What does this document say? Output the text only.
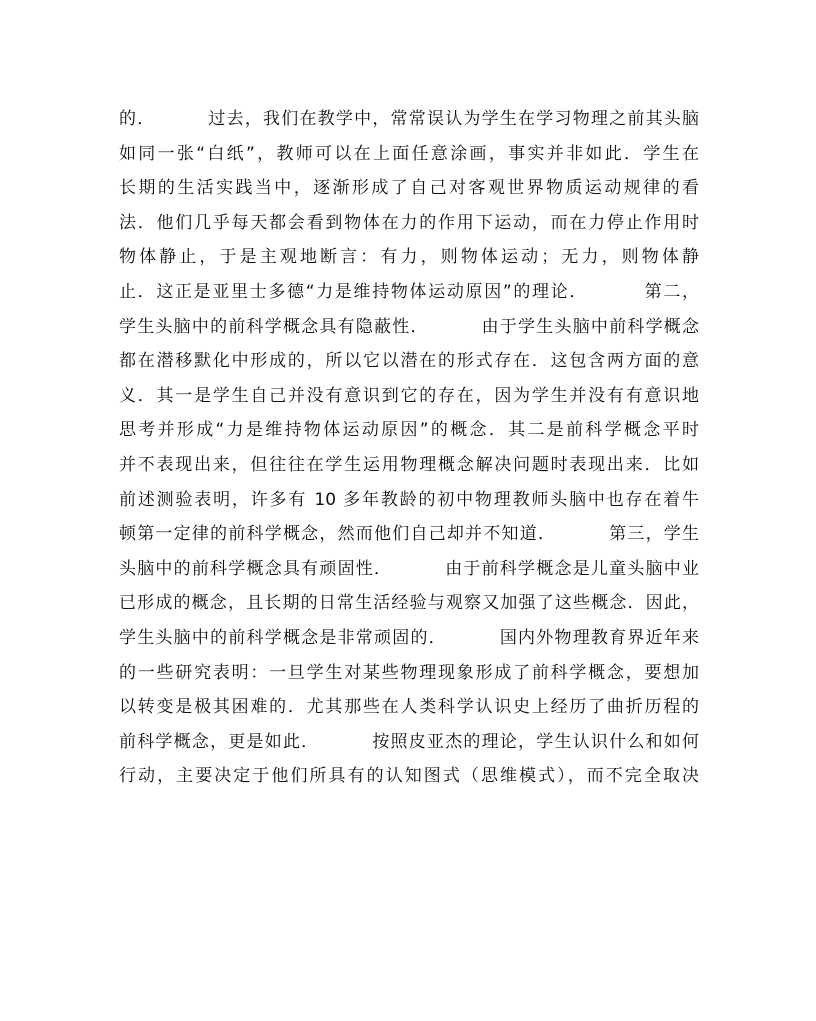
的．        过去，我们在教学中，常常误认为学生在学习物理之前其头脑
如同一张“白纸”，教师可以在上面任意涂画，事实并非如此．学生在
长期的生活实践当中，逐渐形成了自己对客观世界物质运动规律的看
法．他们几乎每天都会看到物体在力的作用下运动，而在力停止作用时
物体静止，于是主观地断言：有力，则物体运动；无力，则物体静
止．这正是亚里士多德“力是维持物体运动原因”的理论．        第二，
学生头脑中的前科学概念具有隐蔽性．        由于学生头脑中前科学概念
都在潜移默化中形成的，所以它以潜在的形式存在．这包含两方面的意
义．其一是学生自己并没有意识到它的存在，因为学生并没有有意识地
思考并形成“力是维持物体运动原因”的概念．其二是前科学概念平时
并不表现出来，但往往在学生运用物理概念解决问题时表现出来．比如
前述测验表明，许多有 10 多年教龄的初中物理教师头脑中也存在着牛
顿第一定律的前科学概念，然而他们自己却并不知道．        第三，学生
头脑中的前科学概念具有顽固性．        由于前科学概念是儿童头脑中业
已形成的概念，且长期的日常生活经验与观察又加强了这些概念．因此，
学生头脑中的前科学概念是非常顽固的．        国内外物理教育界近年来
的一些研究表明：一旦学生对某些物理现象形成了前科学概念，要想加
以转变是极其困难的．尤其那些在人类科学认识史上经历了曲折历程的
前科学概念，更是如此．        按照皮亚杰的理论，学生认识什么和如何
行动，主要决定于他们所具有的认知图式（思维模式），而不完全取决
